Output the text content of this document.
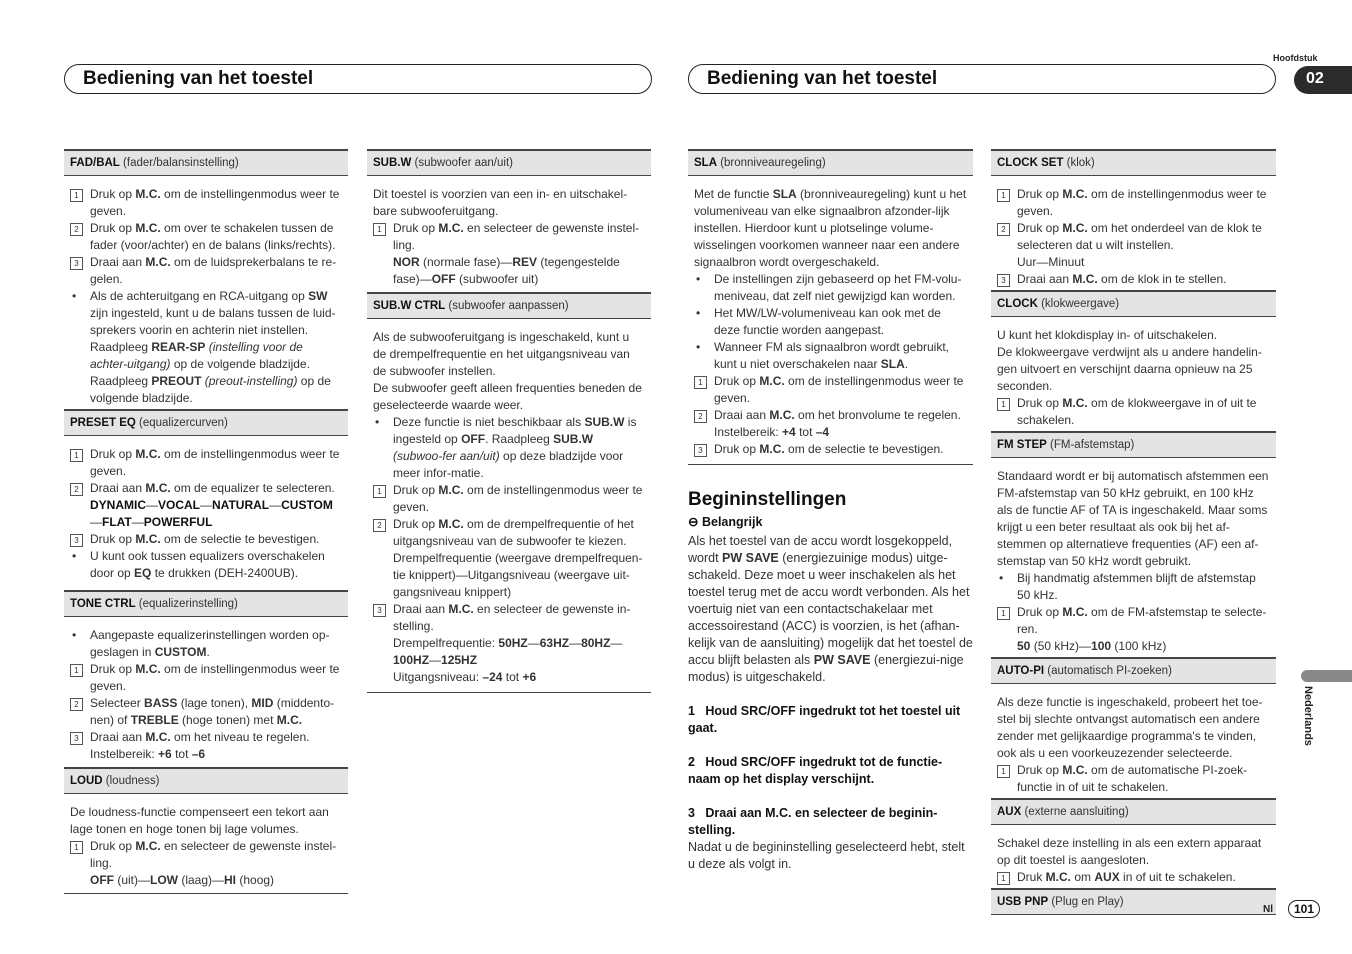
Bediening van het toestel	Bediening van het toestel
Hoofdstuk
02
FAD/BAL (fader/balansinstelling)
1 Druk op M.C. om de instellingenmodus weer te geven.
2 Druk op M.C. om over te schakelen tussen de fader (voor/achter) en de balans (links/rechts).
3 Draai aan M.C. om de luidsprekerbalans te re-gelen.
• Als de achteruitgang en RCA-uitgang op SW zijn ingesteld, kunt u de balans tussen de luid-sprekers voorin en achterin niet instellen. Raadpleeg REAR-SP (instelling voor de achter-uitgang) op de volgende bladzijde. Raadpleeg PREOUT (preout-instelling) op de volgende bladzijde.
PRESET EQ (equalizercurven)
1 Druk op M.C. om de instellingenmodus weer te geven.
2 Draai aan M.C. om de equalizer te selecteren.
DYNAMIC—VOCAL—NATURAL—CUSTOM
—FLAT—POWERFUL
3 Druk op M.C. om de selectie te bevestigen.
• U kunt ook tussen equalizers overschakelen door op EQ te drukken (DEH-2400UB).
TONE CTRL (equalizerinstelling)
• Aangepaste equalizerinstellingen worden op-geslagen in CUSTOM.
1 Druk op M.C. om de instellingenmodus weer te geven.
2 Selecteer BASS (lage tonen), MID (middento-nen) of TREBLE (hoge tonen) met M.C.
3 Draai aan M.C. om het niveau te regelen.
Instelbereik: +6 tot –6
LOUD (loudness)
De loudness-functie compenseert een tekort aan lage tonen en hoge tonen bij lage volumes.
1 Druk op M.C. en selecteer de gewenste instel-ling.
OFF (uit)—LOW (laag)—HI (hoog)
SUB.W (subwoofer aan/uit)
Dit toestel is voorzien van een in- en uitschakel-bare subwooferuitgang.
1 Druk op M.C. en selecteer de gewenste instel-ling.
NOR (normale fase)—REV (tegengestelde fase)—OFF (subwoofer uit)
SUB.W CTRL (subwoofer aanpassen)
Als de subwooferuitgang is ingeschakeld, kunt u de drempelfrequentie en het uitgangsniveau van de subwoofer instellen.
De subwoofer geeft alleen frequenties beneden de geselecteerde waarde weer.
• Deze functie is niet beschikbaar als SUB.W is ingesteld op OFF. Raadpleeg SUB.W (subwoo-fer aan/uit) op deze bladzijde voor meer infor-matie.
1 Druk op M.C. om de instellingenmodus weer te geven.
2 Druk op M.C. om de drempelfrequentie of het uitgangsniveau van de subwoofer te kiezen.
Drempelfrequentie (weergave drempelfrequen-tie knippert)—Uitgangsniveau (weergave uit-gangsniveau knippert)
3 Draai aan M.C. en selecteer de gewenste in-stelling.
Drempelfrequentie: 50HZ—63HZ—80HZ—100HZ—125HZ
Uitgangsniveau: –24 tot +6
SLA (bronniveauregeling)
Met de functie SLA (bronniveauregeling) kunt u het volumeniveau van elke signaalbron afzonder-lijk instellen. Hierdoor kunt u plotselinge volume-wisselingen voorkomen wanneer naar een andere signaalbron wordt overgeschakeld.
• De instellingen zijn gebaseerd op het FM-volu-meniveau, dat zelf niet gewijzigd kan worden.
• Het MW/LW-volumeniveau kan ook met de deze functie worden aangepast.
• Wanneer FM als signaalbron wordt gebruikt, kunt u niet overschakelen naar SLA.
1 Druk op M.C. om de instellingenmodus weer te geven.
2 Draai aan M.C. om het bronvolume te regelen.
Instelbereik: +4 tot –4
3 Druk op M.C. om de selectie te bevestigen.
Begininstellingen
⊖ Belangrijk
Als het toestel van de accu wordt losgekoppeld, wordt PW SAVE (energiezuinige modus) uitge-schakeld. Deze moet u weer inschakelen als het toestel terug met de accu wordt verbonden. Als het voertuig niet van een contactschakelaar met accessoirestand (ACC) is voorzien, is het (afhan-kelijk van de aansluiting) mogelijk dat het toestel de accu blijft belasten als PW SAVE (energiezui-nige modus) is uitgeschakeld.
1   Houd SRC/OFF ingedrukt tot het toestel uit gaat.
2   Houd SRC/OFF ingedrukt tot de functie-naam op het display verschijnt.
3   Draai aan M.C. en selecteer de beginin-stelling.
Nadat u de begininstelling geselecteerd hebt, stelt u deze als volgt in.
CLOCK SET (klok)
1 Druk op M.C. om de instellingenmodus weer te geven.
2 Druk op M.C. om het onderdeel van de klok te selecteren dat u wilt instellen.
Uur—Minuut
3 Draai aan M.C. om de klok in te stellen.
CLOCK (klokweergave)
U kunt het klokdisplay in- of uitschakelen.
De klokweergave verdwijnt als u andere handelin-gen uitvoert en verschijnt daarna opnieuw na 25 seconden.
1 Druk op M.C. om de klokweergave in of uit te schakelen.
FM STEP (FM-afstemstap)
Standaard wordt er bij automatisch afstemmen een FM-afstemstap van 50 kHz gebruikt, en 100 kHz als de functie AF of TA is ingeschakeld. Maar soms krijgt u een beter resultaat als ook bij het af-stemmen op alternatieve frequenties (AF) een af-stemstap van 50 kHz wordt gebruikt.
• Bij handmatig afstemmen blijft de afstemstap 50 kHz.
1 Druk op M.C. om de FM-afstemstap te selecte-ren.
50 (50 kHz)—100 (100 kHz)
AUTO-PI (automatisch PI-zoeken)
Als deze functie is ingeschakeld, probeert het toe-stel bij slechte ontvangst automatisch een andere zender met gelijkaardige programma's te vinden, ook als u een voorkeuzezender selecteerde.
1 Druk op M.C. om de automatische PI-zoek-functie in of uit te schakelen.
AUX (externe aansluiting)
Schakel deze instelling in als een extern apparaat op dit toestel is aangesloten.
1 Druk M.C. om AUX in of uit te schakelen.
USB PNP (Plug en Play)
Nederlands
Nl	101
